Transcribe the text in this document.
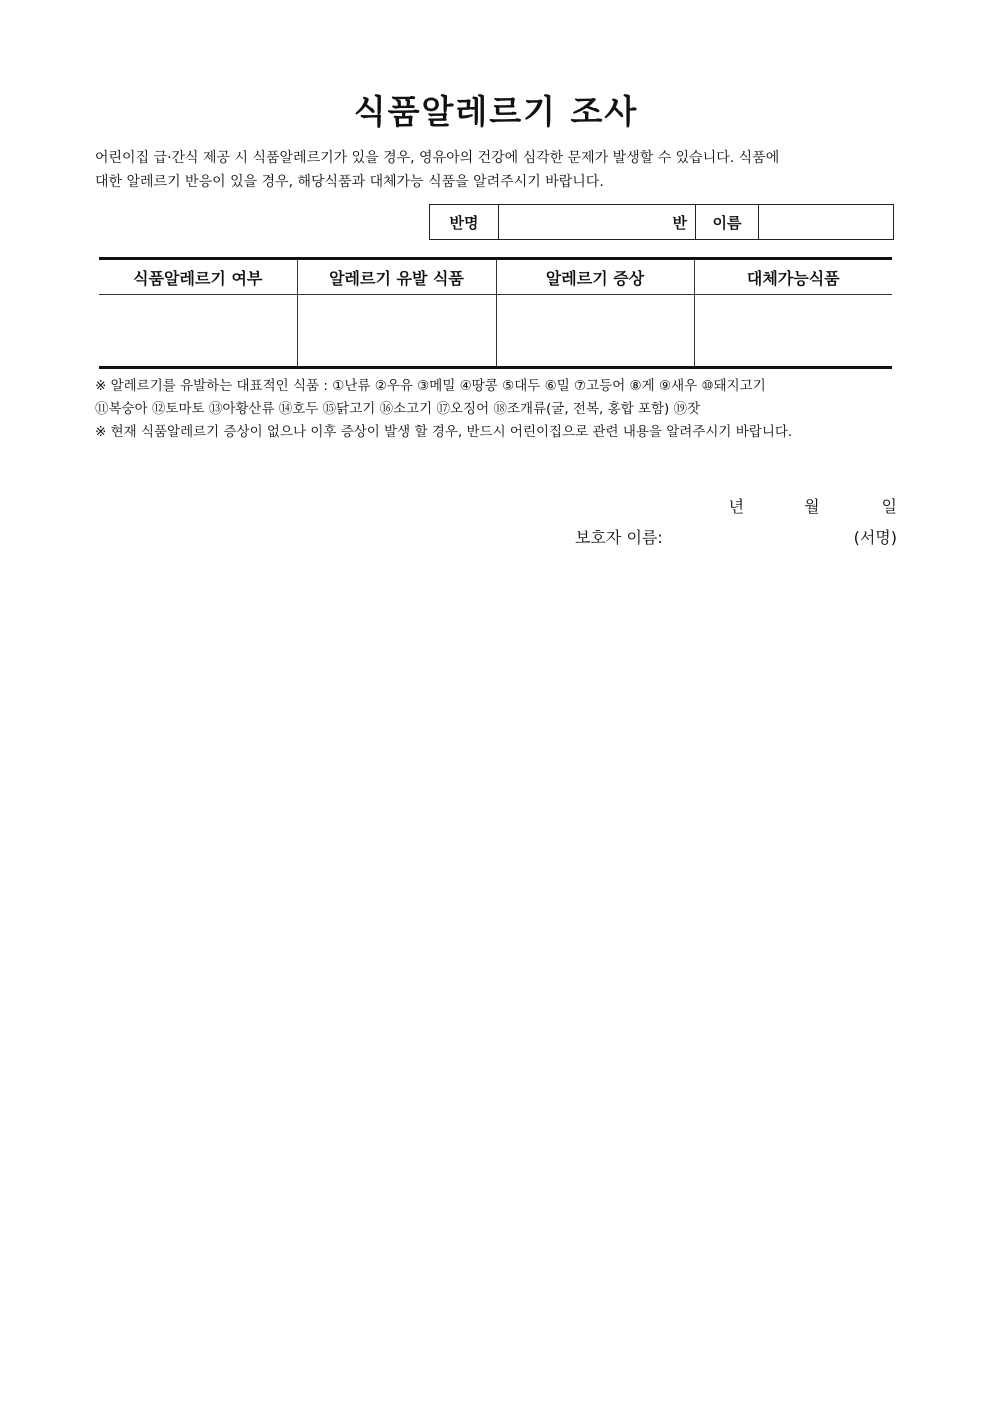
식품알레르기 조사

어린이집 급·간식 제공 시 식품알레르기가 있을 경우, 영유아의 건강에 심각한 문제가 발생할 수 있습니다. 식품에
대한 알레르기 반응이 있을 경우, 해당식품과 대체가능 식품을 알려주시기 바랍니다.

반명	반	이름	
식품알레르기 여부	알레르기 유발 식품	알레르기 증상	대체가능식품

※ 알레르기를 유발하는 대표적인 식품 : ①난류 ②우유 ③메밀 ④땅콩 ⑤대두 ⑥밀 ⑦고등어 ⑧게 ⑨새우 ⑩돼지고기
⑪복숭아 ⑫토마토 ⑬아황산류 ⑭호두 ⑮닭고기 ⑯소고기 ⑰오징어 ⑱조개류(굴, 전복, 홍합 포함) ⑲잣
※ 현재 식품알레르기 증상이 없으나 이후 증상이 발생 할 경우, 반드시 어린이집으로 관련 내용을 알려주시기 바랍니다.

년	월	일

보호자 이름:	(서명)
